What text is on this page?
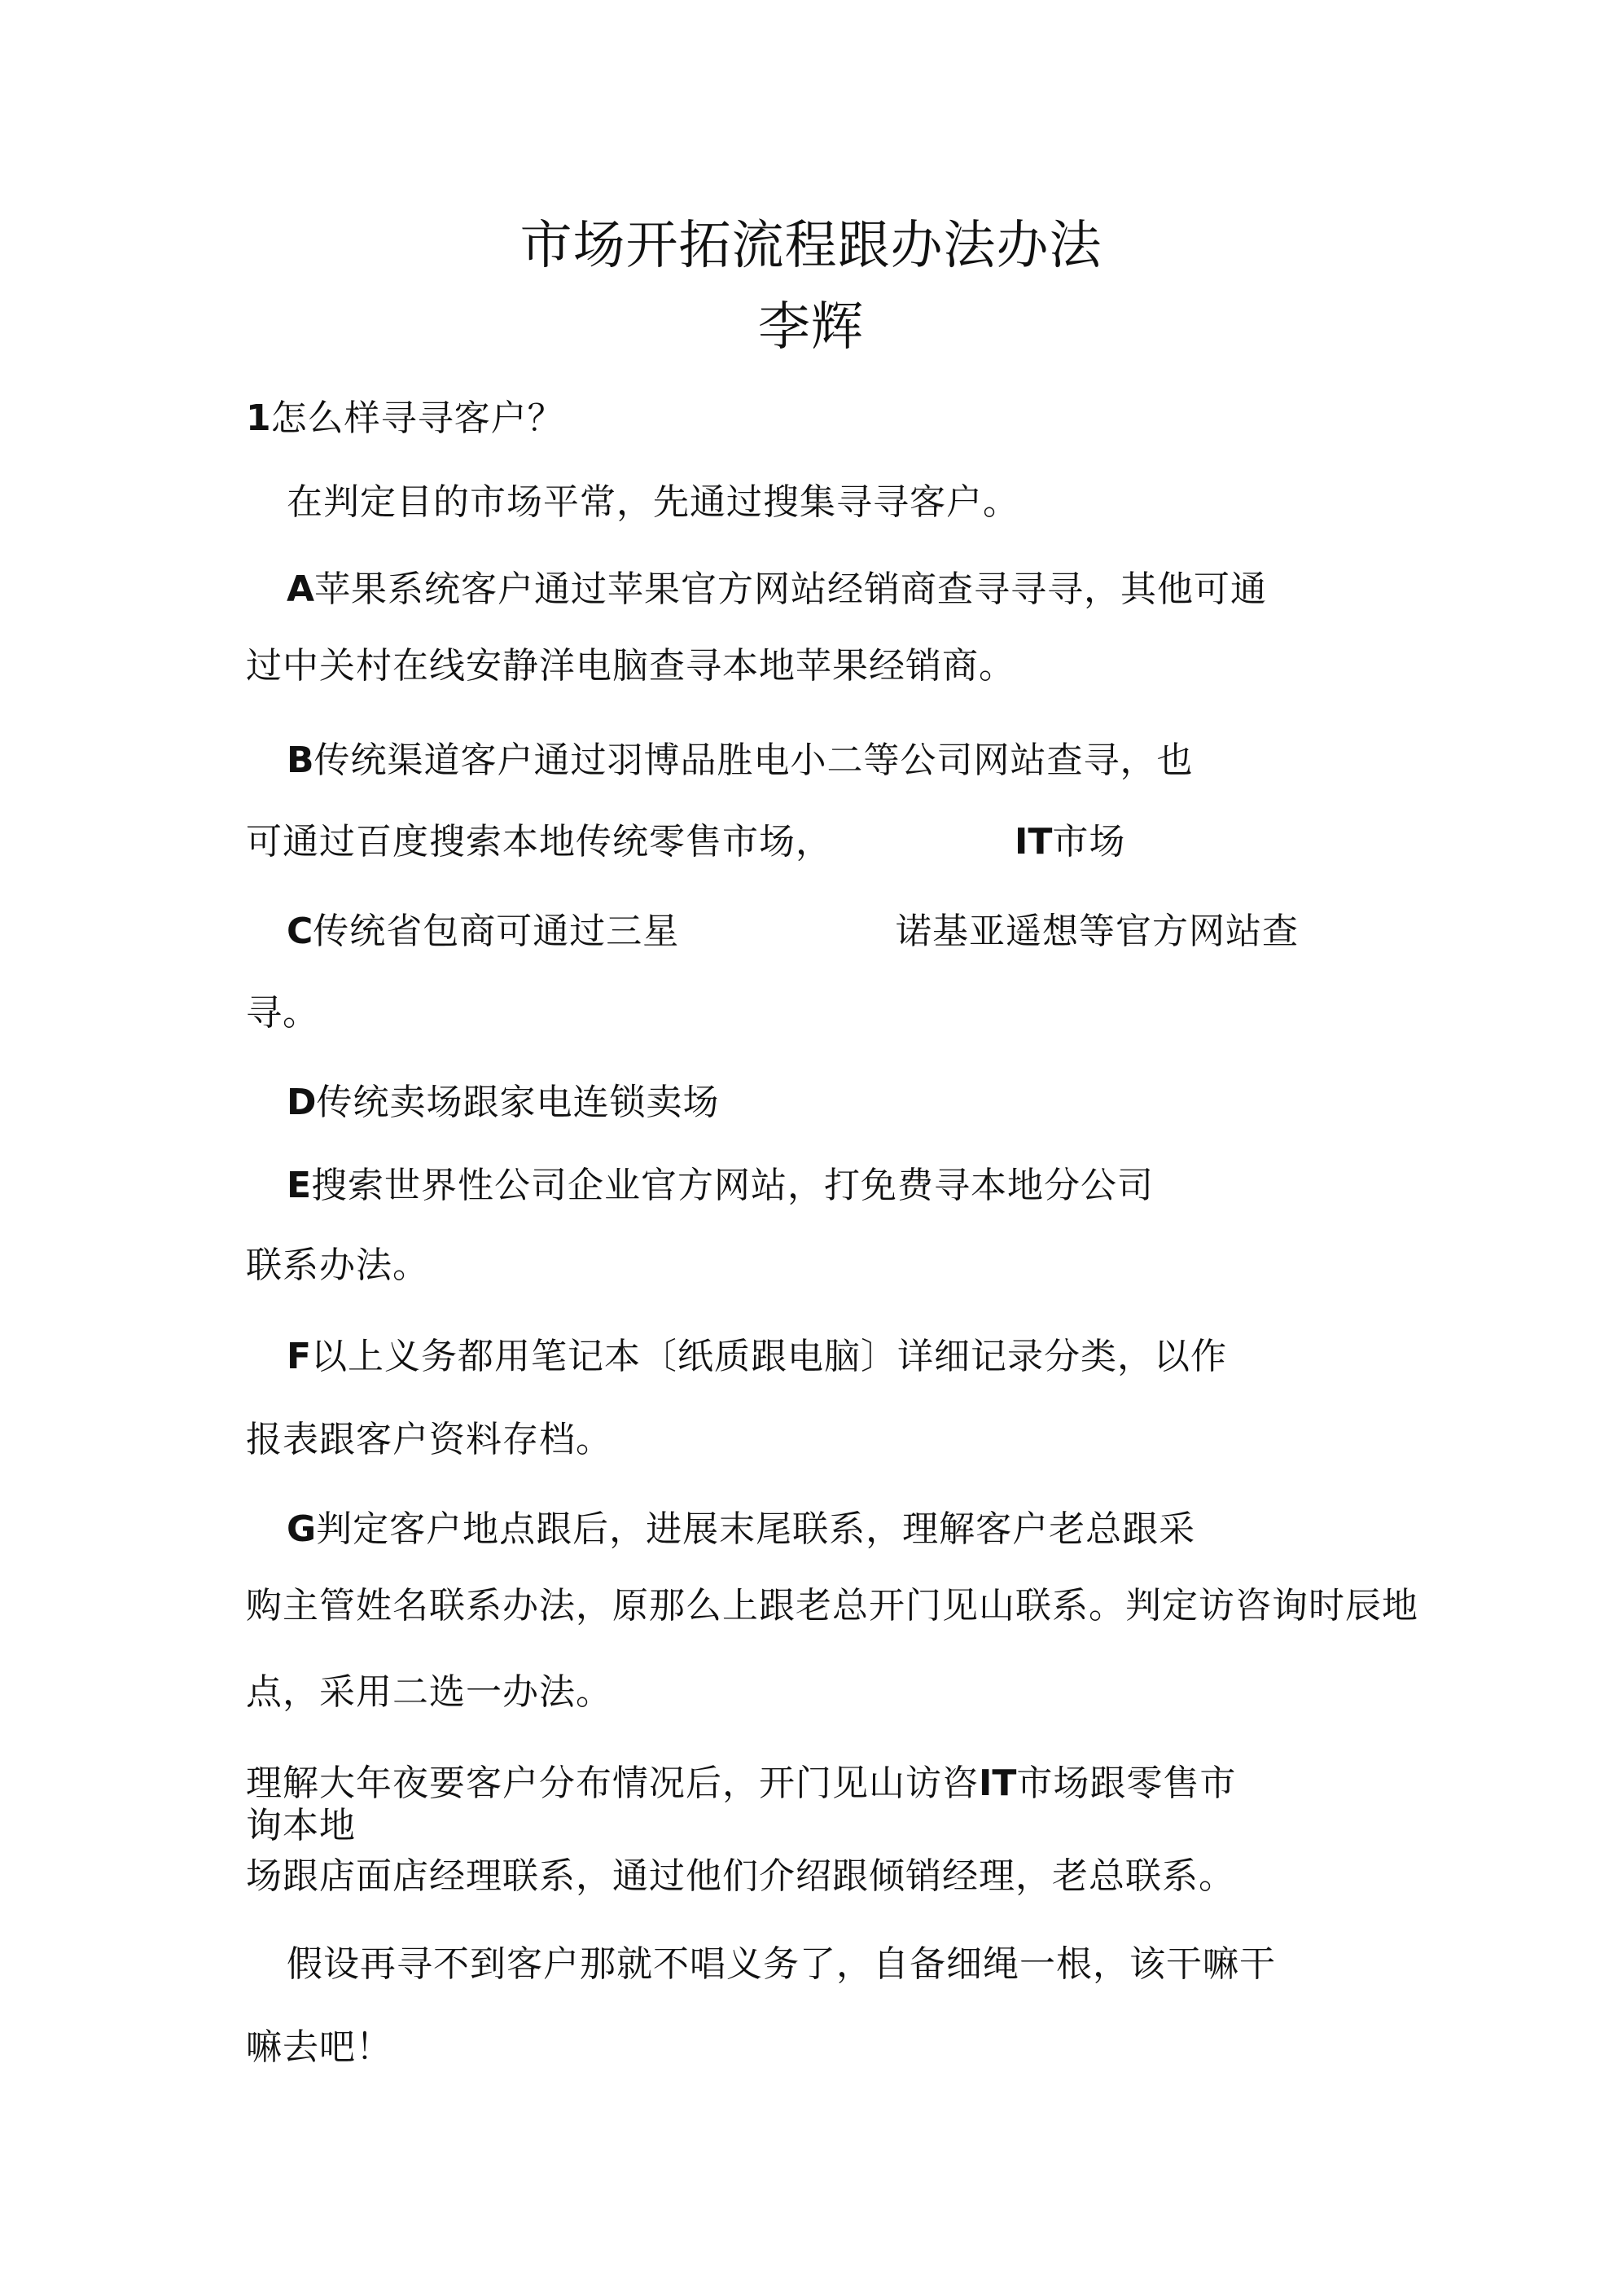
市场开拓流程跟办法办法
李辉
1怎么样寻寻客户？
在判定目的市场平常，先通过搜集寻寻客户。
A苹果系统客户通过苹果官方网站经销商查寻寻寻，其他可通
过中关村在线安静洋电脑查寻本地苹果经销商。
B传统渠道客户通过羽博品胜电小二等公司网站查寻，也
可通过百度搜索本地传统零售市场，	IT市场
C传统省包商可通过三星	诺基亚遥想等官方网站查
寻。
D传统卖场跟家电连锁卖场
E搜索世界性公司企业官方网站，打免费寻本地分公司
联系办法。
F以上义务都用笔记本〔纸质跟电脑〕详细记录分类，以作
报表跟客户资料存档。
G判定客户地点跟后，进展末尾联系，理解客户老总跟采
购主管姓名联系办法，原那么上跟老总开门见山联系。判定访咨询时辰地
点，采用二选一办法。
理解大年夜要客户分布情况后，开门见山访咨IT市场跟零售市
询本地
场跟店面店经理联系，通过他们介绍跟倾销经理，老总联系。
假设再寻不到客户那就不唱义务了，自备细绳一根，该干嘛干
嘛去吧！
